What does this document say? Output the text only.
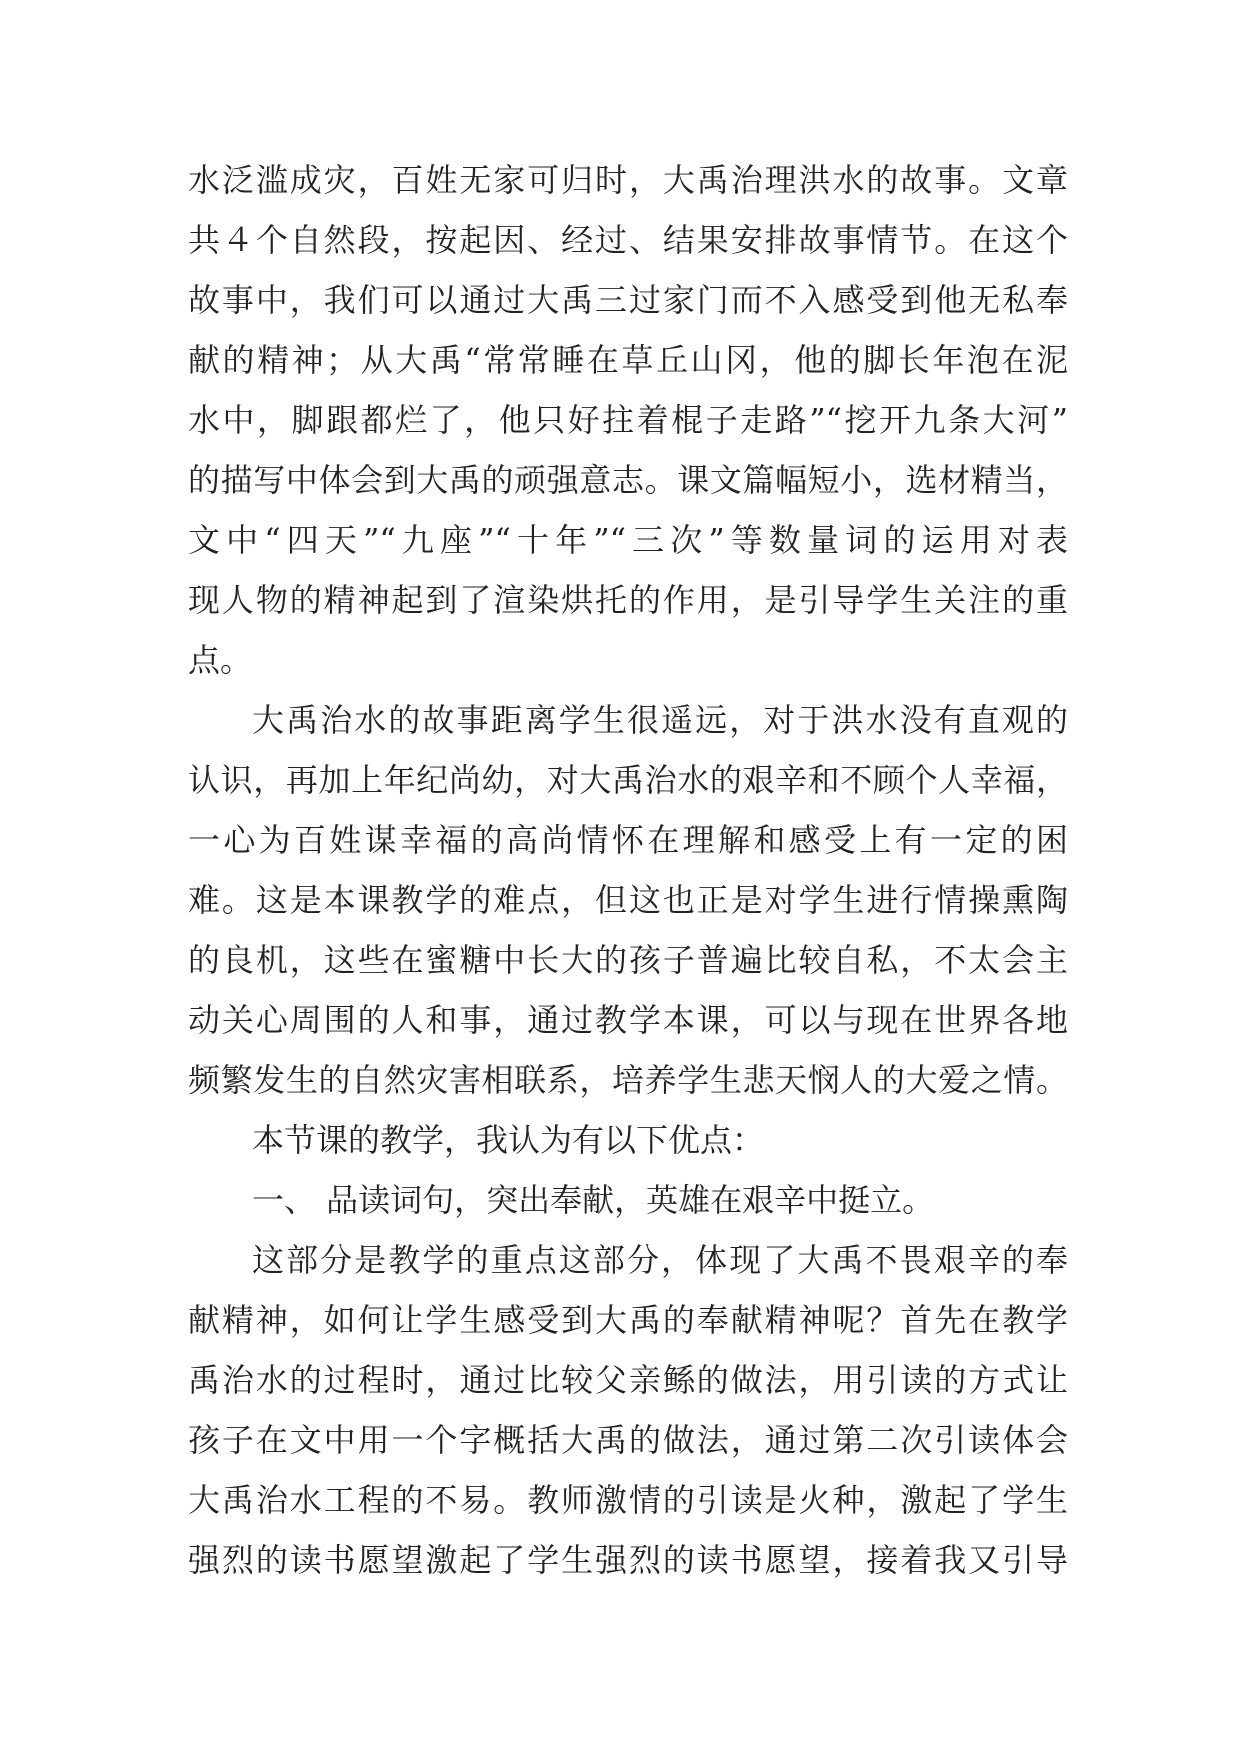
水泛滥成灾，百姓无家可归时，大禹治理洪水的故事。文章
共４个自然段，按起因、经过、结果安排故事情节。在这个
故事中，我们可以通过大禹三过家门而不入感受到他无私奉
献的精神；从大禹“常常睡在草丘山冈，他的脚长年泡在泥
水中，脚跟都烂了，他只好拄着棍子走路”“挖开九条大河”
的描写中体会到大禹的顽强意志。课文篇幅短小，选材精当，
文中“四天”“九座”“十年”“三次”等数量词的运用对表
现人物的精神起到了渲染烘托的作用，是引导学生关注的重
点。
大禹治水的故事距离学生很遥远，对于洪水没有直观的
认识，再加上年纪尚幼，对大禹治水的艰辛和不顾个人幸福，
一心为百姓谋幸福的高尚情怀在理解和感受上有一定的困
难。这是本课教学的难点，但这也正是对学生进行情操熏陶
的良机，这些在蜜糖中长大的孩子普遍比较自私，不太会主
动关心周围的人和事，通过教学本课，可以与现在世界各地
频繁发生的自然灾害相联系，培养学生悲天悯人的大爱之情。
本节课的教学，我认为有以下优点：
一、 品读词句，突出奉献，英雄在艰辛中挺立。
这部分是教学的重点这部分，体现了大禹不畏艰辛的奉
献精神，如何让学生感受到大禹的奉献精神呢？首先在教学
禹治水的过程时，通过比较父亲鲧的做法，用引读的方式让
孩子在文中用一个字概括大禹的做法，通过第二次引读体会
大禹治水工程的不易。教师激情的引读是火种，激起了学生
强烈的读书愿望激起了学生强烈的读书愿望，接着我又引导
